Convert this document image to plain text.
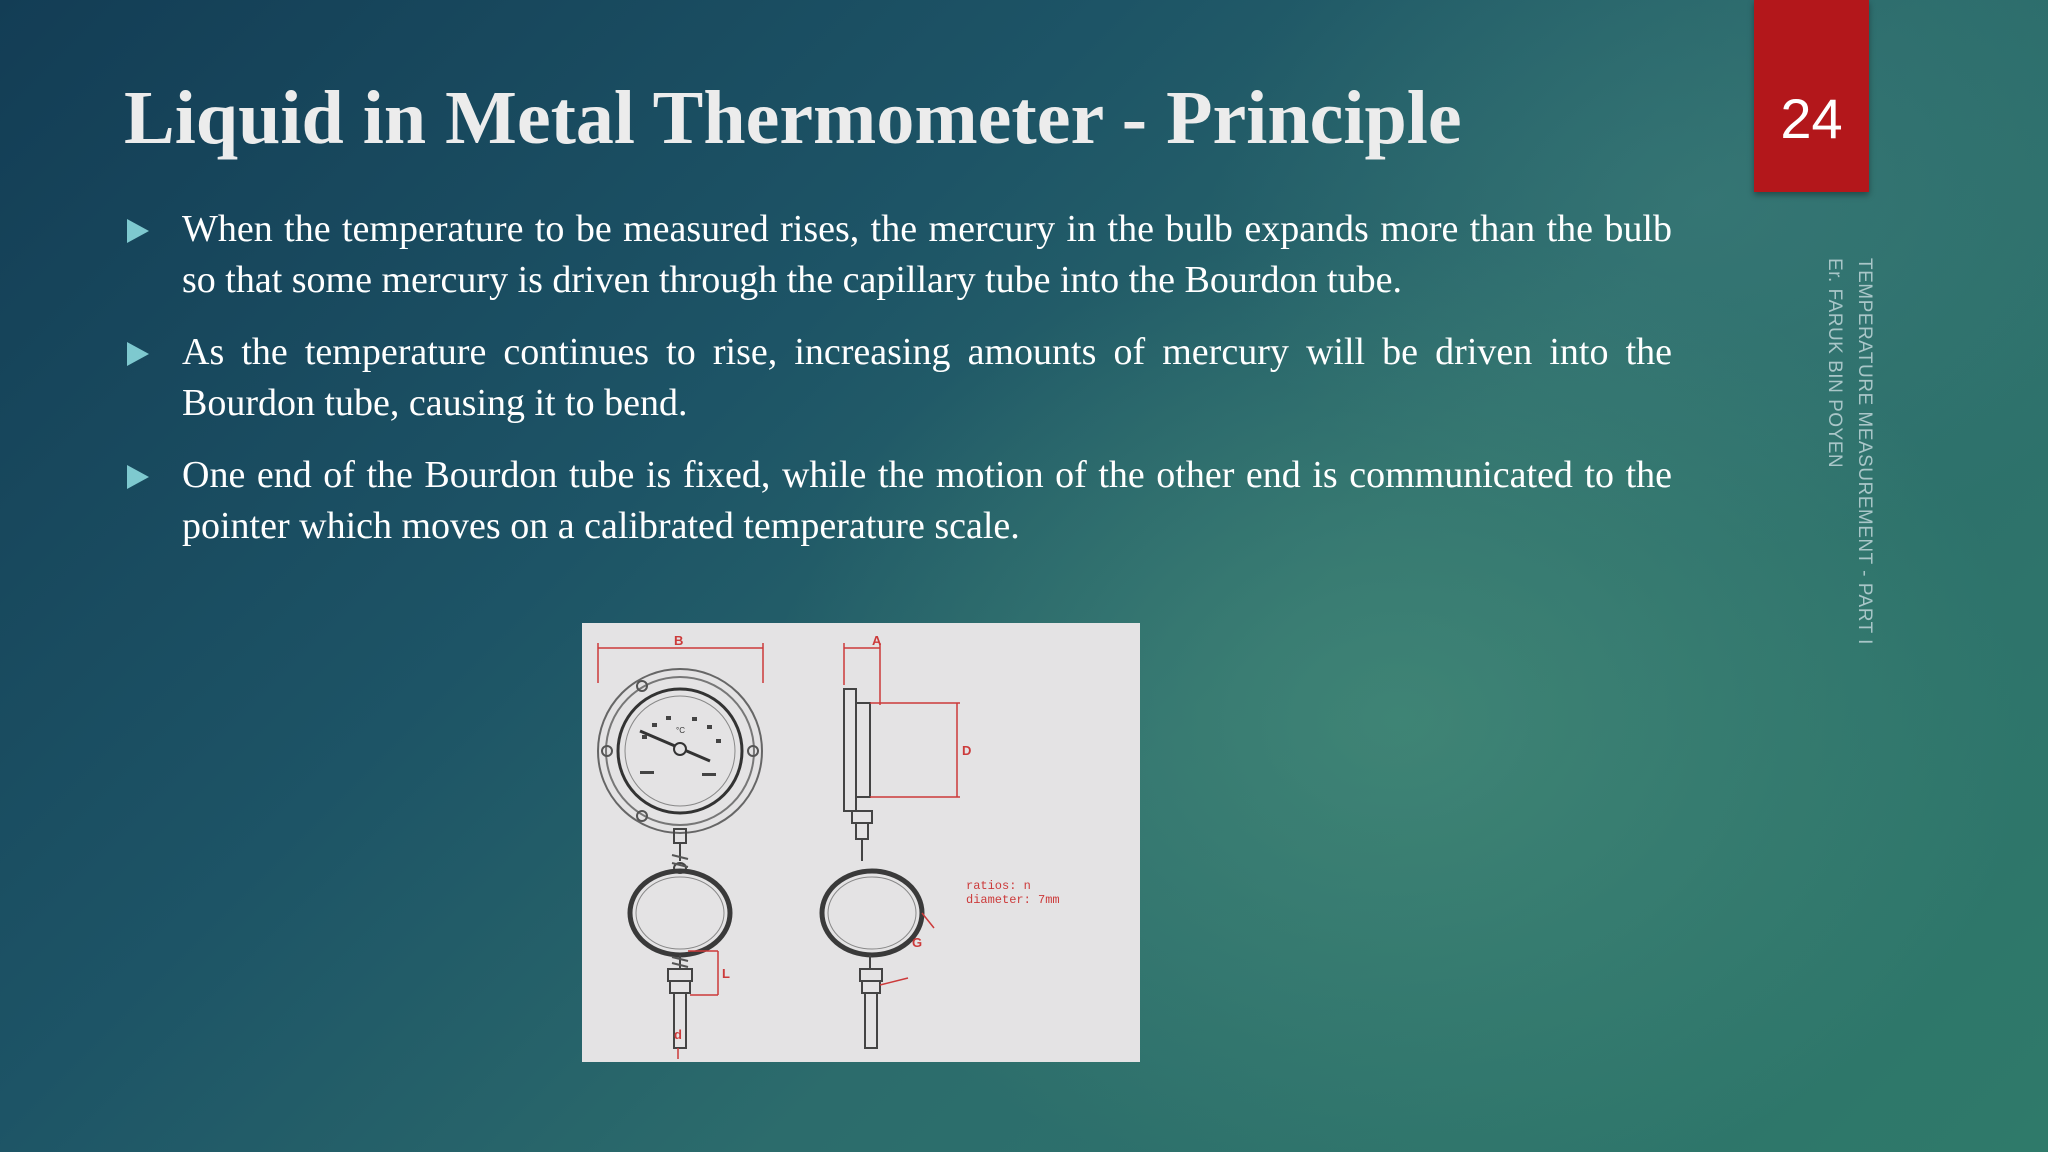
Liquid in Metal Thermometer - Principle	24
TEMPERATURE MEASUREMENT - PART I
Er. FARUK BIN POYEN
When the temperature to be measured rises, the mercury in the bulb expands more than the bulb so that some mercury is driven through the capillary tube into the Bourdon tube.
As the temperature continues to rise, increasing amounts of mercury will be driven into the Bourdon tube, causing it to bend.
One end of the Bourdon tube is fixed, while the motion of the other end is communicated to the pointer which moves on a calibrated temperature scale.
°C
B	A
D
L
d
G
ratios: n
diameter: 7mm
